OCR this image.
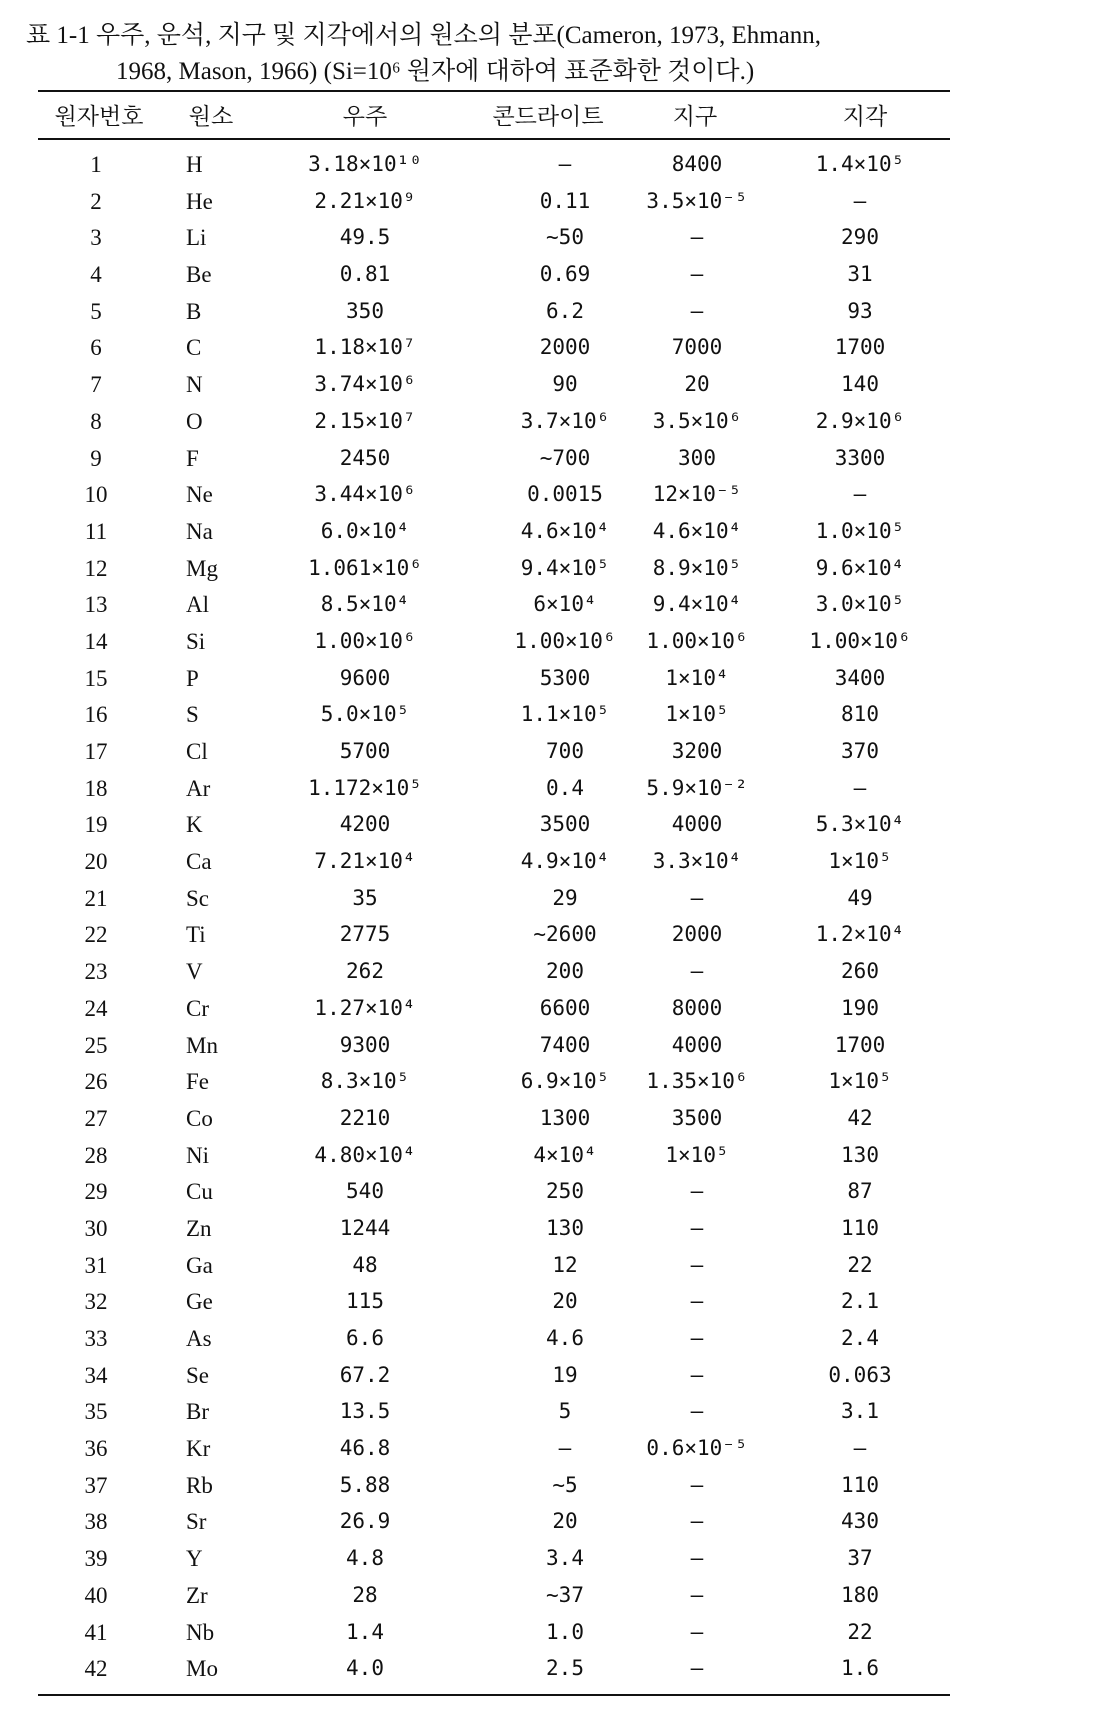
표 1-1 우주, 운석, 지구 및 지각에서의 원소의 분포(Cameron, 1973, Ehmann,
1968, Mason, 1966) (Si=10⁶ 원자에 대하여 표준화한 것이다.)
원자번호	원소	우주	콘드라이트	지구	지각
1	H	3.18×10¹⁰	—	8400	1.4×10⁵
2	He	2.21×10⁹	0.11	3.5×10⁻⁵	—
3	Li	49.5	~50	—	290
4	Be	0.81	0.69	—	31
5	B	350	6.2	—	93
6	C	1.18×10⁷	2000	7000	1700
7	N	3.74×10⁶	90	20	140
8	O	2.15×10⁷	3.7×10⁶	3.5×10⁶	2.9×10⁶
9	F	2450	~700	300	3300
10	Ne	3.44×10⁶	0.0015	12×10⁻⁵	—
11	Na	6.0×10⁴	4.6×10⁴	4.6×10⁴	1.0×10⁵
12	Mg	1.061×10⁶	9.4×10⁵	8.9×10⁵	9.6×10⁴
13	Al	8.5×10⁴	6×10⁴	9.4×10⁴	3.0×10⁵
14	Si	1.00×10⁶	1.00×10⁶	1.00×10⁶	1.00×10⁶
15	P	9600	5300	1×10⁴	3400
16	S	5.0×10⁵	1.1×10⁵	1×10⁵	810
17	Cl	5700	700	3200	370
18	Ar	1.172×10⁵	0.4	5.9×10⁻²	—
19	K	4200	3500	4000	5.3×10⁴
20	Ca	7.21×10⁴	4.9×10⁴	3.3×10⁴	1×10⁵
21	Sc	35	29	—	49
22	Ti	2775	~2600	2000	1.2×10⁴
23	V	262	200	—	260
24	Cr	1.27×10⁴	6600	8000	190
25	Mn	9300	7400	4000	1700
26	Fe	8.3×10⁵	6.9×10⁵	1.35×10⁶	1×10⁵
27	Co	2210	1300	3500	42
28	Ni	4.80×10⁴	4×10⁴	1×10⁵	130
29	Cu	540	250	—	87
30	Zn	1244	130	—	110
31	Ga	48	12	—	22
32	Ge	115	20	—	2.1
33	As	6.6	4.6	—	2.4
34	Se	67.2	19	—	0.063
35	Br	13.5	5	—	3.1
36	Kr	46.8	—	0.6×10⁻⁵	—
37	Rb	5.88	~5	—	110
38	Sr	26.9	20	—	430
39	Y	4.8	3.4	—	37
40	Zr	28	~37	—	180
41	Nb	1.4	1.0	—	22
42	Mo	4.0	2.5	—	1.6
